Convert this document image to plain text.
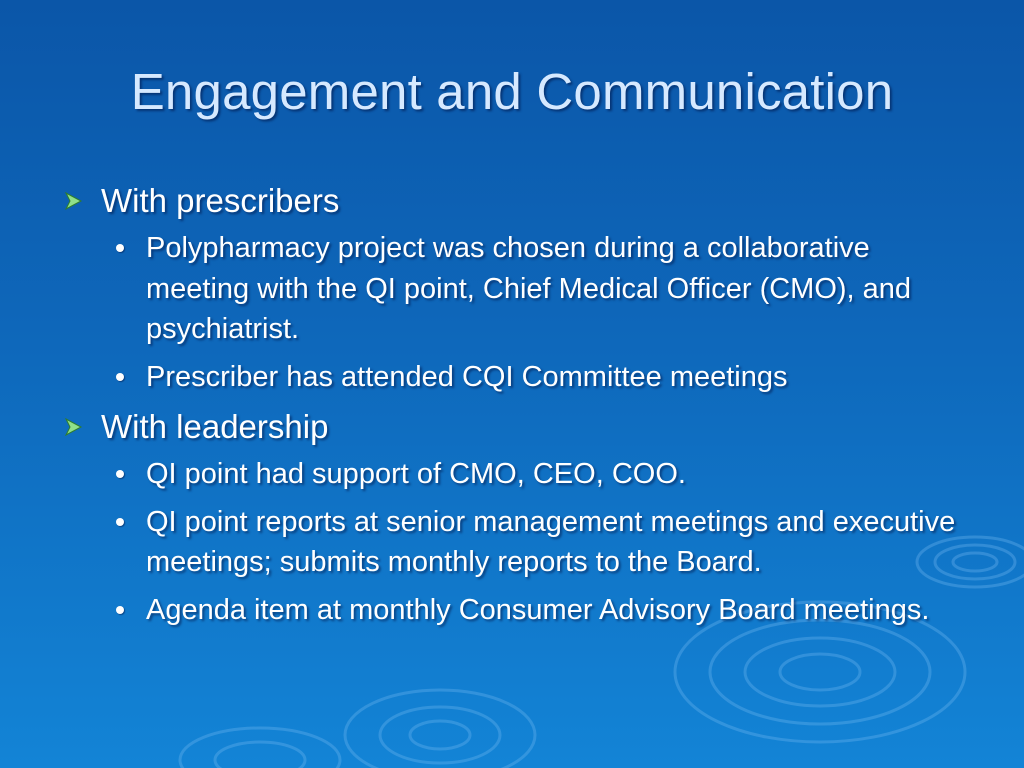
Engagement and Communication
With prescribers
Polypharmacy project was chosen during a collaborative meeting with the QI point, Chief Medical Officer (CMO), and psychiatrist.
Prescriber has attended CQI Committee meetings
With leadership
QI point had support of CMO, CEO, COO.
QI point reports at senior management meetings and executive meetings; submits monthly reports to the Board.
Agenda item at monthly Consumer Advisory Board meetings.
